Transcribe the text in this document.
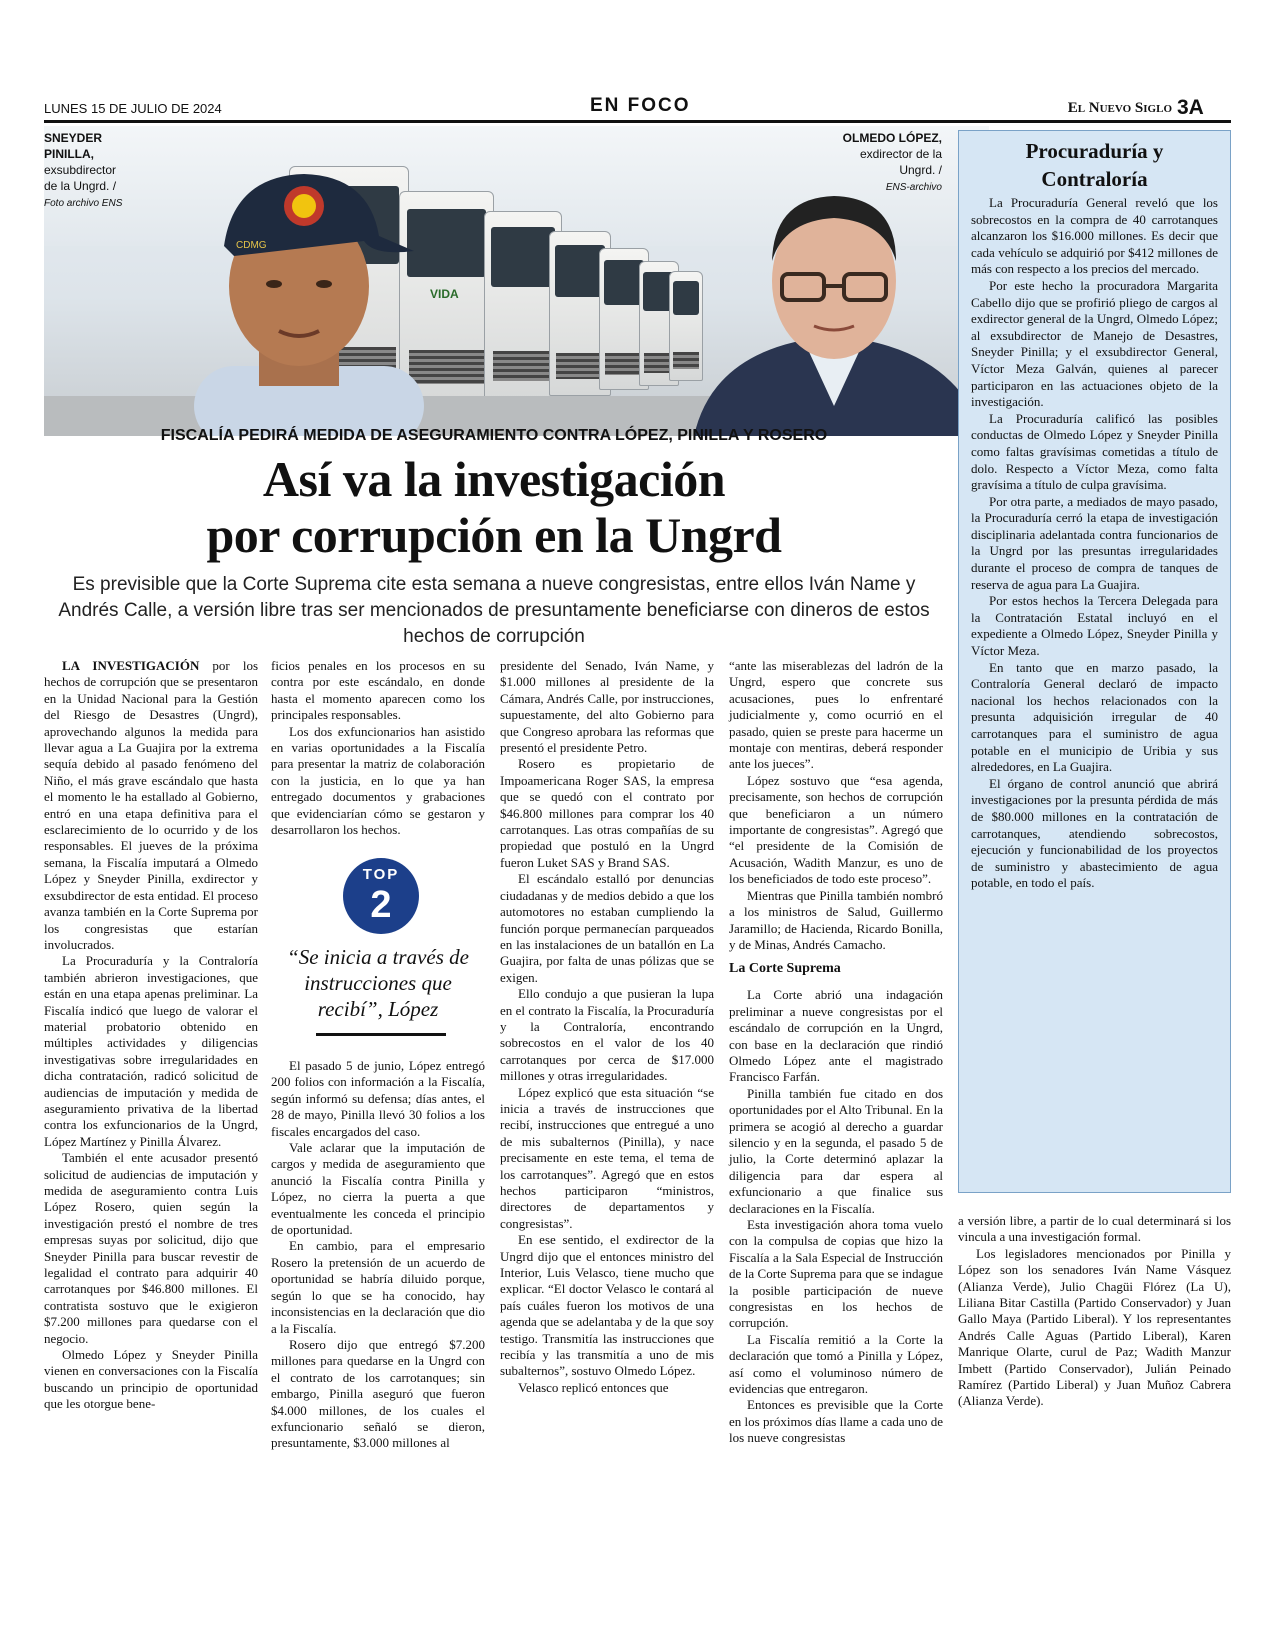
LUNES 15 DE JULIO DE 2024	EN FOCO	El Nuevo Siglo 3A
VIDA
CDMG
SNEYDER PINILLA,
exsubdirector de la Ungrd. /
Foto archivo ENS
OLMEDO LÓPEZ,
exdirector de la Ungrd. /
ENS-archivo
FISCALÍA PEDIRÁ MEDIDA DE ASEGURAMIENTO CONTRA LÓPEZ, PINILLA Y ROSERO
Así va la investigación
por corrupción en la Ungrd
Es previsible que la Corte Suprema cite esta semana a nueve congresistas, entre ellos Iván Name y Andrés Calle, a versión libre tras ser mencionados de presuntamente beneficiarse con dineros de estos hechos de corrupción

LA INVESTIGACIÓN por los hechos de corrupción que se presentaron en la Unidad Nacional para la Gestión del Riesgo de Desastres (Ungrd), aprovechando algunos la medida para llevar agua a La Guajira por la extrema sequía debido al pasado fenómeno del Niño, el más grave escándalo que hasta el momento le ha estallado al Gobierno, entró en una etapa definitiva para el esclarecimiento de lo ocurrido y de los responsables. El jueves de la próxima semana, la Fiscalía imputará a Olmedo López y Sneyder Pinilla, exdirector y exsubdirector de esta entidad. El proceso avanza también en la Corte Suprema por los congresistas que estarían involucrados.

La Procuraduría y la Contraloría también abrieron investigaciones, que están en una etapa apenas preliminar. La Fiscalía indicó que luego de valorar el material probatorio obtenido en múltiples actividades y diligencias investigativas sobre irregularidades en dicha contratación, radicó solicitud de audiencias de imputación y medida de aseguramiento privativa de la libertad contra los exfuncionarios de la Ungrd, López Martínez y Pinilla Álvarez.

También el ente acusador presentó solicitud de audiencias de imputación y medida de aseguramiento contra Luis López Rosero, quien según la investigación prestó el nombre de tres empresas suyas por solicitud, dijo que Sneyder Pinilla para buscar revestir de legalidad el contrato para adquirir 40 carrotanques por $46.800 millones. El contratista sostuvo que le exigieron $7.200 millones para quedarse con el negocio.

Olmedo López y Sneyder Pinilla vienen en conversaciones con la Fiscalía buscando un principio de oportunidad que les otorgue bene-

ficios penales en los procesos en su contra por este escándalo, en donde hasta el momento aparecen como los principales responsables.

Los dos exfuncionarios han asistido en varias oportunidades a la Fiscalía para presentar la matriz de colaboración con la justicia, en lo que ya han entregado documentos y grabaciones que evidenciarían cómo se gestaron y desarrollaron los hechos.

TOP
2
“Se inicia a través de instrucciones que recibí”, López

El pasado 5 de junio, López entregó 200 folios con información a la Fiscalía, según informó su defensa; días antes, el 28 de mayo, Pinilla llevó 30 folios a los fiscales encargados del caso.

Vale aclarar que la imputación de cargos y medida de aseguramiento que anunció la Fiscalía contra Pinilla y López, no cierra la puerta a que eventualmente les conceda el principio de oportunidad.

En cambio, para el empresario Rosero la pretensión de un acuerdo de oportunidad se habría diluido porque, según lo que se ha conocido, hay inconsistencias en la declaración que dio a la Fiscalía.

Rosero dijo que entregó $7.200 millones para quedarse en la Ungrd con el contrato de los carrotanques; sin embargo, Pinilla aseguró que fueron $4.000 millones, de los cuales el exfuncionario señaló se dieron, presuntamente, $3.000 millones al

presidente del Senado, Iván Name, y $1.000 millones al presidente de la Cámara, Andrés Calle, por instrucciones, supuestamente, del alto Gobierno para que Congreso aprobara las reformas que presentó el presidente Petro.

Rosero es propietario de Impoamericana Roger SAS, la empresa que se quedó con el contrato por $46.800 millones para comprar los 40 carrotanques. Las otras compañías de su propiedad que postuló en la Ungrd fueron Luket SAS y Brand SAS.

El escándalo estalló por denuncias ciudadanas y de medios debido a que los automotores no estaban cumpliendo la función porque permanecían parqueados en las instalaciones de un batallón en La Guajira, por falta de unas pólizas que se exigen.

Ello condujo a que pusieran la lupa en el contrato la Fiscalía, la Procuraduría y la Contraloría, encontrando sobrecostos en el valor de los 40 carrotanques por cerca de $17.000 millones y otras irregularidades.

López explicó que esta situación “se inicia a través de instrucciones que recibí, instrucciones que entregué a uno de mis subalternos (Pinilla), y nace precisamente en este tema, el tema de los carrotanques”. Agregó que en estos hechos participaron “ministros, directores de departamentos y congresistas”.

En ese sentido, el exdirector de la Ungrd dijo que el entonces ministro del Interior, Luis Velasco, tiene mucho que explicar. “El doctor Velasco le contará al país cuáles fueron los motivos de una agenda que se adelantaba y de la que soy testigo. Transmitía las instrucciones que recibía y las transmitía a uno de mis subalternos”, sostuvo Olmedo López.

Velasco replicó entonces que

“ante las miserablezas del ladrón de la Ungrd, espero que concrete sus acusaciones, pues lo enfrentaré judicialmente y, como ocurrió en el pasado, quien se preste para hacerme un montaje con mentiras, deberá responder ante los jueces”.

López sostuvo que “esa agenda, precisamente, son hechos de corrupción que beneficiaron a un número importante de congresistas”. Agregó que “el presidente de la Comisión de Acusación, Wadith Manzur, es uno de los beneficiados de todo este proceso”.

Mientras que Pinilla también nombró a los ministros de Salud, Guillermo Jaramillo; de Hacienda, Ricardo Bonilla, y de Minas, Andrés Camacho.

La Corte Suprema

La Corte abrió una indagación preliminar a nueve congresistas por el escándalo de corrupción en la Ungrd, con base en la declaración que rindió Olmedo López ante el magistrado Francisco Farfán.

Pinilla también fue citado en dos oportunidades por el Alto Tribunal. En la primera se acogió al derecho a guardar silencio y en la segunda, el pasado 5 de julio, la Corte determinó aplazar la diligencia para dar espera al exfuncionario a que finalice sus declaraciones en la Fiscalía.

Esta investigación ahora toma vuelo con la compulsa de copias que hizo la Fiscalía a la Sala Especial de Instrucción de la Corte Suprema para que se indague la posible participación de nueve congresistas en los hechos de corrupción.

La Fiscalía remitió a la Corte la declaración que tomó a Pinilla y López, así como el voluminoso número de evidencias que entregaron.

Entonces es previsible que la Corte en los próximos días llame a cada uno de los nueve congresistas

Procuraduría y
Contraloría

La Procuraduría General reveló que los sobrecostos en la compra de 40 carrotanques alcanzaron los $16.000 millones. Es decir que cada vehículo se adquirió por $412 millones de más con respecto a los precios del mercado.

Por este hecho la procuradora Margarita Cabello dijo que se profirió pliego de cargos al exdirector general de la Ungrd, Olmedo López; al exsubdirector de Manejo de Desastres, Sneyder Pinilla; y el exsubdirector General, Víctor Meza Galván, quienes al parecer participaron en las actuaciones objeto de la investigación.

La Procuraduría calificó las posibles conductas de Olmedo López y Sneyder Pinilla como faltas gravísimas cometidas a título de dolo. Respecto a Víctor Meza, como falta gravísima a título de culpa gravísima.

Por otra parte, a mediados de mayo pasado, la Procuraduría cerró la etapa de investigación disciplinaria adelantada contra funcionarios de la Ungrd por las presuntas irregularidades durante el proceso de compra de tanques de reserva de agua para La Guajira.

Por estos hechos la Tercera Delegada para la Contratación Estatal incluyó en el expediente a Olmedo López, Sneyder Pinilla y Víctor Meza.

En tanto que en marzo pasado, la Contraloría General declaró de impacto nacional los hechos relacionados con la presunta adquisición irregular de 40 carrotanques para el suministro de agua potable en el municipio de Uribia y sus alrededores, en La Guajira.

El órgano de control anunció que abrirá investigaciones por la presunta pérdida de más de $80.000 millones en la contratación de carrotanques, atendiendo sobrecostos, ejecución y funcionabilidad de los proyectos de suministro y abastecimiento de agua potable, en todo el país.

a versión libre, a partir de lo cual determinará si los vincula a una investigación formal.

Los legisladores mencionados por Pinilla y López son los senadores Iván Name Vásquez (Alianza Verde), Julio Chagüi Flórez (La U), Liliana Bitar Castilla (Partido Conservador) y Juan Gallo Maya (Partido Liberal). Y los representantes Andrés Calle Aguas (Partido Liberal), Karen Manrique Olarte, curul de Paz; Wadith Manzur Imbett (Partido Conservador), Julián Peinado Ramírez (Partido Liberal) y Juan Muñoz Cabrera (Alianza Verde).
